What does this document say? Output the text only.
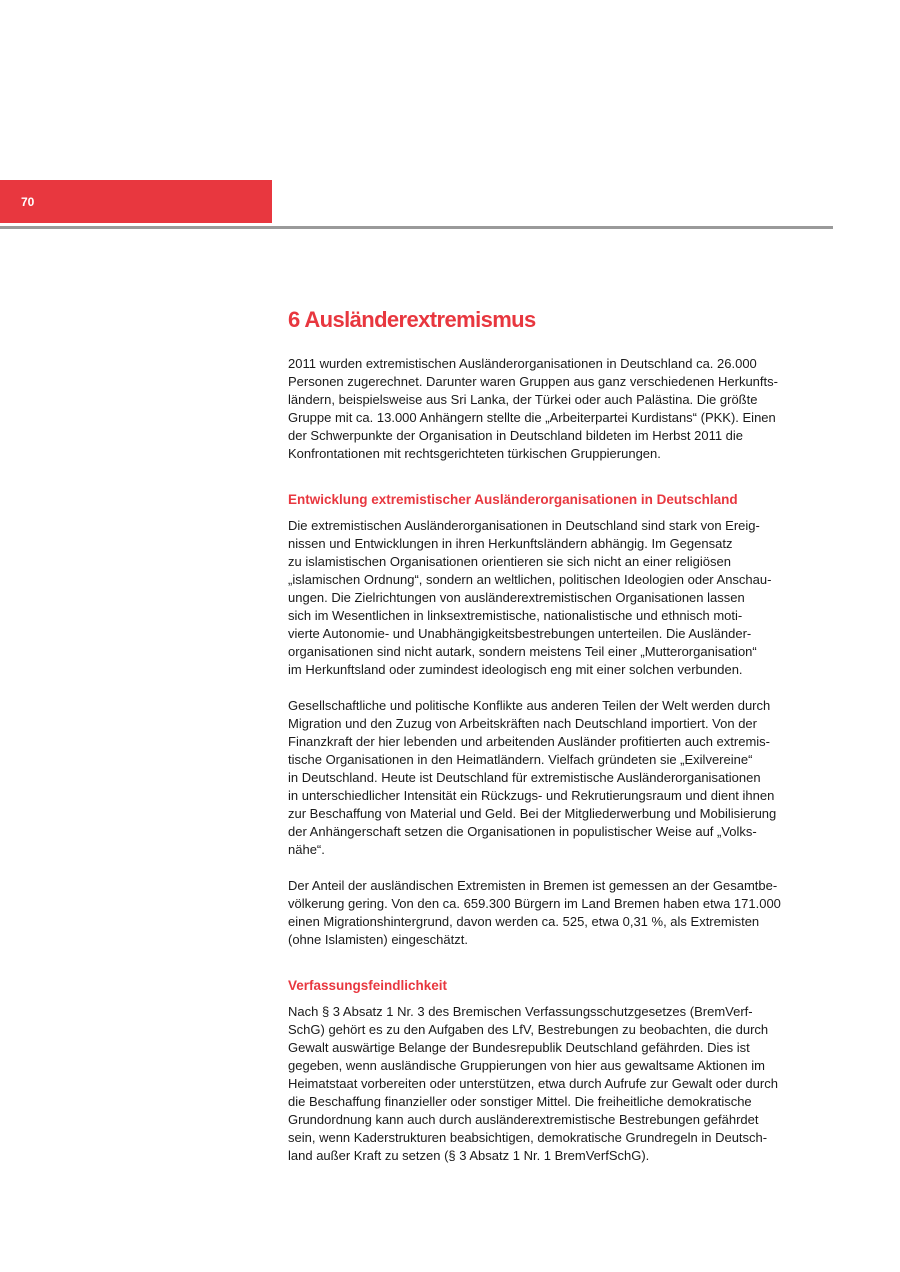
70
6 Ausländerextremismus

2011 wurden extremistischen Ausländerorganisationen in Deutschland ca. 26.000
Personen zugerechnet. Darunter waren Gruppen aus ganz verschiedenen Herkunfts-
ländern, beispielsweise aus Sri Lanka, der Türkei oder auch Palästina. Die größte
Gruppe mit ca. 13.000 Anhängern stellte die „Arbeiterpartei Kurdistans“ (PKK). Einen
der Schwerpunkte der Organisation in Deutschland bildeten im Herbst 2011 die
Konfrontationen mit rechtsgerichteten türkischen Gruppierungen.

Entwicklung extremistischer Ausländerorganisationen in Deutschland

Die extremistischen Ausländerorganisationen in Deutschland sind stark von Ereig-
nissen und Entwicklungen in ihren Herkunftsländern abhängig. Im Gegensatz
zu islamistischen Organisationen orientieren sie sich nicht an einer religiösen
„islamischen Ordnung“, sondern an weltlichen, politischen Ideologien oder Anschau-
ungen. Die Zielrichtungen von ausländerextremistischen Organisationen lassen
sich im Wesentlichen in linksextremistische, nationalistische und ethnisch moti-
vierte Autonomie- und Unabhängigkeitsbestrebungen unterteilen. Die Ausländer-
organisationen sind nicht autark, sondern meistens Teil einer „Mutterorganisation“
im Herkunftsland oder zumindest ideologisch eng mit einer solchen verbunden.

Gesellschaftliche und politische Konflikte aus anderen Teilen der Welt werden durch
Migration und den Zuzug von Arbeitskräften nach Deutschland importiert. Von der
Finanzkraft der hier lebenden und arbeitenden Ausländer profitierten auch extremis-
tische Organisationen in den Heimatländern. Vielfach gründeten sie „Exilvereine“
in Deutschland. Heute ist Deutschland für extremistische Ausländerorganisationen
in unterschiedlicher Intensität ein Rückzugs- und Rekrutierungsraum und dient ihnen
zur Beschaffung von Material und Geld. Bei der Mitgliederwerbung und Mobilisierung
der Anhängerschaft setzen die Organisationen in populistischer Weise auf „Volks-
nähe“.

Der Anteil der ausländischen Extremisten in Bremen ist gemessen an der Gesamtbe-
völkerung gering. Von den ca. 659.300 Bürgern im Land Bremen haben etwa 171.000
einen Migrationshintergrund, davon werden ca. 525, etwa 0,31 %, als Extremisten
(ohne Islamisten) eingeschätzt.

Verfassungsfeindlichkeit

Nach § 3 Absatz 1 Nr. 3 des Bremischen Verfassungsschutzgesetzes (BremVerf-
SchG) gehört es zu den Aufgaben des LfV, Bestrebungen zu beobachten, die durch
Gewalt auswärtige Belange der Bundesrepublik Deutschland gefährden. Dies ist
gegeben, wenn ausländische Gruppierungen von hier aus gewaltsame Aktionen im
Heimatstaat vorbereiten oder unterstützen, etwa durch Aufrufe zur Gewalt oder durch
die Beschaffung finanzieller oder sonstiger Mittel. Die freiheitliche demokratische
Grundordnung kann auch durch ausländerextremistische Bestrebungen gefährdet
sein, wenn Kaderstrukturen beabsichtigen, demokratische Grundregeln in Deutsch-
land außer Kraft zu setzen (§ 3 Absatz 1 Nr. 1 BremVerfSchG).
